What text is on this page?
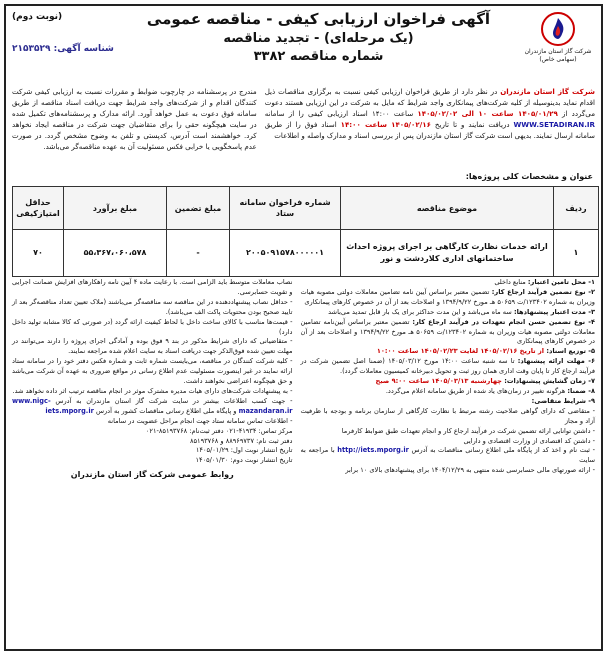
شرکت گاز استان مازندران
(سهامی خاص)
آگهی فراخوان ارزیابی کیفی - مناقصه عمومی
(یک مرحله‌ای) - تجدید مناقصه
شماره مناقصه ۳۳۸۲
(نوبت دوم)
شناسه آگهی: ۲۱۵۳۵۲۹
شرکت گاز استان مازندران در نظر دارد از طریق فراخوان ارزیابی کیفی نسبت به برگزاری مناقصات ذیل اقدام نماید بدینوسیله از کلیه شرکت‌های پیمانکاری واجد شرایط که مایل به شرکت در این ارزیابی هستند دعوت می‌گردد از ۱۴۰۵/۰۱/۲۹ ساعت ۱۰ الی ۱۴۰۵/۰۲/۰۲ ساعت ۱۴:۰۰ اسناد ارزیابی کیفی را از سامانه WWW.SETADIRAN.IR دریافت نمایند و تا تاریخ ۱۴۰۵/۰۲/۱۶ ساعت ۱۴:۰۰ اسناد فوق را از طریق سامانه ارسال نمایند. بدیهی است شرکت گاز استان مازندران پس از بررسی اسناد و مدارک واصله و اطلاعات
مندرج در پرسشنامه در چارچوب ضوابط و مقررات نسبت به ارزیابی کیفی شرکت کنندگان اقدام و از شرکت‌های واجد شرایط جهت دریافت اسناد مناقصه از طریق سامانه فوق دعوت به عمل خواهد آورد. ارائه مدارک و پرسشنامه‌های تکمیل شده در سایت هیچگونه حقی را برای متقاضیان جهت شرکت در مناقصه ایجاد نخواهد کرد. خواهشمند است آدرس، کدپستی و تلفن به وضوح مشخص گردد. در صورت عدم پاسخگویی یا خرابی فکس مسئولیت آن به عهده مناقصه‌گر می‌باشد.
عنوان و مشخصات کلی پروژه‌ها:
ردیف	موضوع مناقصه	شماره فراخوان سامانه ستاد	مبلغ تضمین	مبلغ برآورد	حداقل امتیازکیفی
۱	ارائه خدمات نظارت کارگاهی بر اجرای پروژه احداث ساختمانهای اداری کلاردشت و نور	۲۰۰۵۰۹۱۵۷۸۰۰۰۰۰۱	-	۵۵،۳۶۷،۰۶۰،۵۷۸	۷۰

۱- محل تامین اعتبار: منابع داخلی

۲- نوع تضمین فرآیند ارجاع کار: تضمین معتبر براساس آیین نامه تضامین معاملات دولتی مصوبه هیات وزیران به شماره ۱۲۳۴۰۲/ت ۵۰۶۵۹ هـ مورخ ۱۳۹۴/۹/۲۲ و اصلاحات بعد از آن در خصوص کارهای پیمانکاری

۳- مدت اعتبار پیشنهادها: سه ماه می‌باشد و این مدت حداکثر برای یک بار قابل تمدید می‌باشد

۴- نوع تضمین حسن انجام تعهدات در فرآیند ارجاع کار: تضمین معتبر براساس آیین‌نامه تضامین معاملات دولتی مصوبه هیات وزیران به شماره ۱۲۳۴۰۲/ت ۵۰۶۵۹ هـ مورخ ۱۳۹۴/۹/۲۲ و اصلاحات بعد از آن در خصوص کارهای پیمانکاری

۵- توزیع اسناد: از تاریخ ۱۴۰۵/۰۲/۱۶ لغایت ۱۴۰۵/۰۲/۲۳ ساعت ۱۰:۰۰

۶- مهلت ارائه پیشنهاد: تا سه شنبه ساعت ۱۴:۰۰ مورخ ۱۴۰۵/۰۳/۱۲ (ضمنا اصل تضمین شرکت در فرآیند ارجاع کار تا پایان وقت اداری همان روز ثبت و تحویل دبیرخانه کمیسیون معاملات گردد).

۷- زمان گشایش پیشنهادات: چهارشنبه ۱۴۰۵/۰۳/۱۳ ساعت ۹:۰۰ صبح

۸- ضمنا: هرگونه تغییر در زمان‌های یاد شده از طریق سامانه اعلام می‌گردد.

۹- شرایط متقاضی:

- متقاضی که دارای گواهی صلاحیت رشته مرتبط با نظارت کارگاهی از سازمان برنامه و بودجه با ظرفیت آزاد و مجاز

- داشتن توانایی ارائه تضمین شرکت در فرآیند ارجاع کار و انجام تعهدات طبق ضوابط کارفرما

- داشتن کد اقتصادی از وزارت اقتصادی و دارایی

- ثبت نام و اخذ کد از پایگاه ملی اطلاع رسانی مناقصات به آدرس http://iets.mporg.ir با مراجعه به سایت

- ارائه صورتهای مالی حسابرسی شده منتهی به ۱۴۰۴/۱۲/۲۹ برای پیشنهادهای بالای ۱۰ برابر

نصاب معاملات متوسط باید الزامی است. با رعایت ماده ۴ آیین نامه راهکارهای افزایش ضمانت اجرایی و تقویت حسابرسی.

- حداقل نصاب پیشنهاددهنده در این مناقصه سه مناقصه‌گر می‌باشند (ملاک تعیین تعداد مناقصه‌گر بعد از تایید صحیح بودن محتویات پاکت الف می‌باشد).

- قیمت‌ها مناسب با کالای ساخت داخل با لحاظ کیفیت ارائه گردد (در صورتی که کالا مشابه تولید داخل دارد)

- متقاضیانی که دارای شرایط مذکور در بند ۹ فوق بوده و آمادگی اجرای پروژه را دارند می‌توانند در مهلت تعیین شده فوق‌الذکر جهت دریافت اسناد به سایت اعلام شده مراجعه نمایند.

- کلیه شرکت کنندگان در مناقصه، می‌بایست شماره ثابت و شماره فکس دفتر خود را در سامانه ستاد ارائه نمایند در غیر اینصورت مسئولیت عدم اطلاع رسانی در مواقع ضروری به عهده آن شرکت می‌باشد و حق هیچگونه اعتراضی نخواهند داشت.

- به پیشنهادات شرکت‌های دارای هیات مدیره مشترک موثر در انجام مناقصه ترتیب اثر داده نخواهد شد.

- جهت کسب اطلاعات بیشتر در سایت شرکت گاز استان مازندران به آدرس www.nigc-mazandaran.ir و پایگاه ملی اطلاع رسانی مناقصات کشور به آدرس iets.mporg.ir

- اطلاعات تماس سامانه ستاد جهت انجام مراحل عضویت در سامانه

مرکز تماس: ۴۱۹۳۴-۰۲۱ دفتر ثبت‌نام: ۸۵۱۹۳۷۶۸-۰۲۱

دفتر ثبت نام: ۸۸۹۶۹۷۳۷ و ۸۵۱۹۳۷۶۸

تاریخ انتشار نوبت اول: ۱۴۰۵/۰۱/۲۹

تاریخ انتشار نوبت دوم: ۱۴۰۵/۰۱/۳۰

روابط عمومی شرکت گاز استان مازندران
